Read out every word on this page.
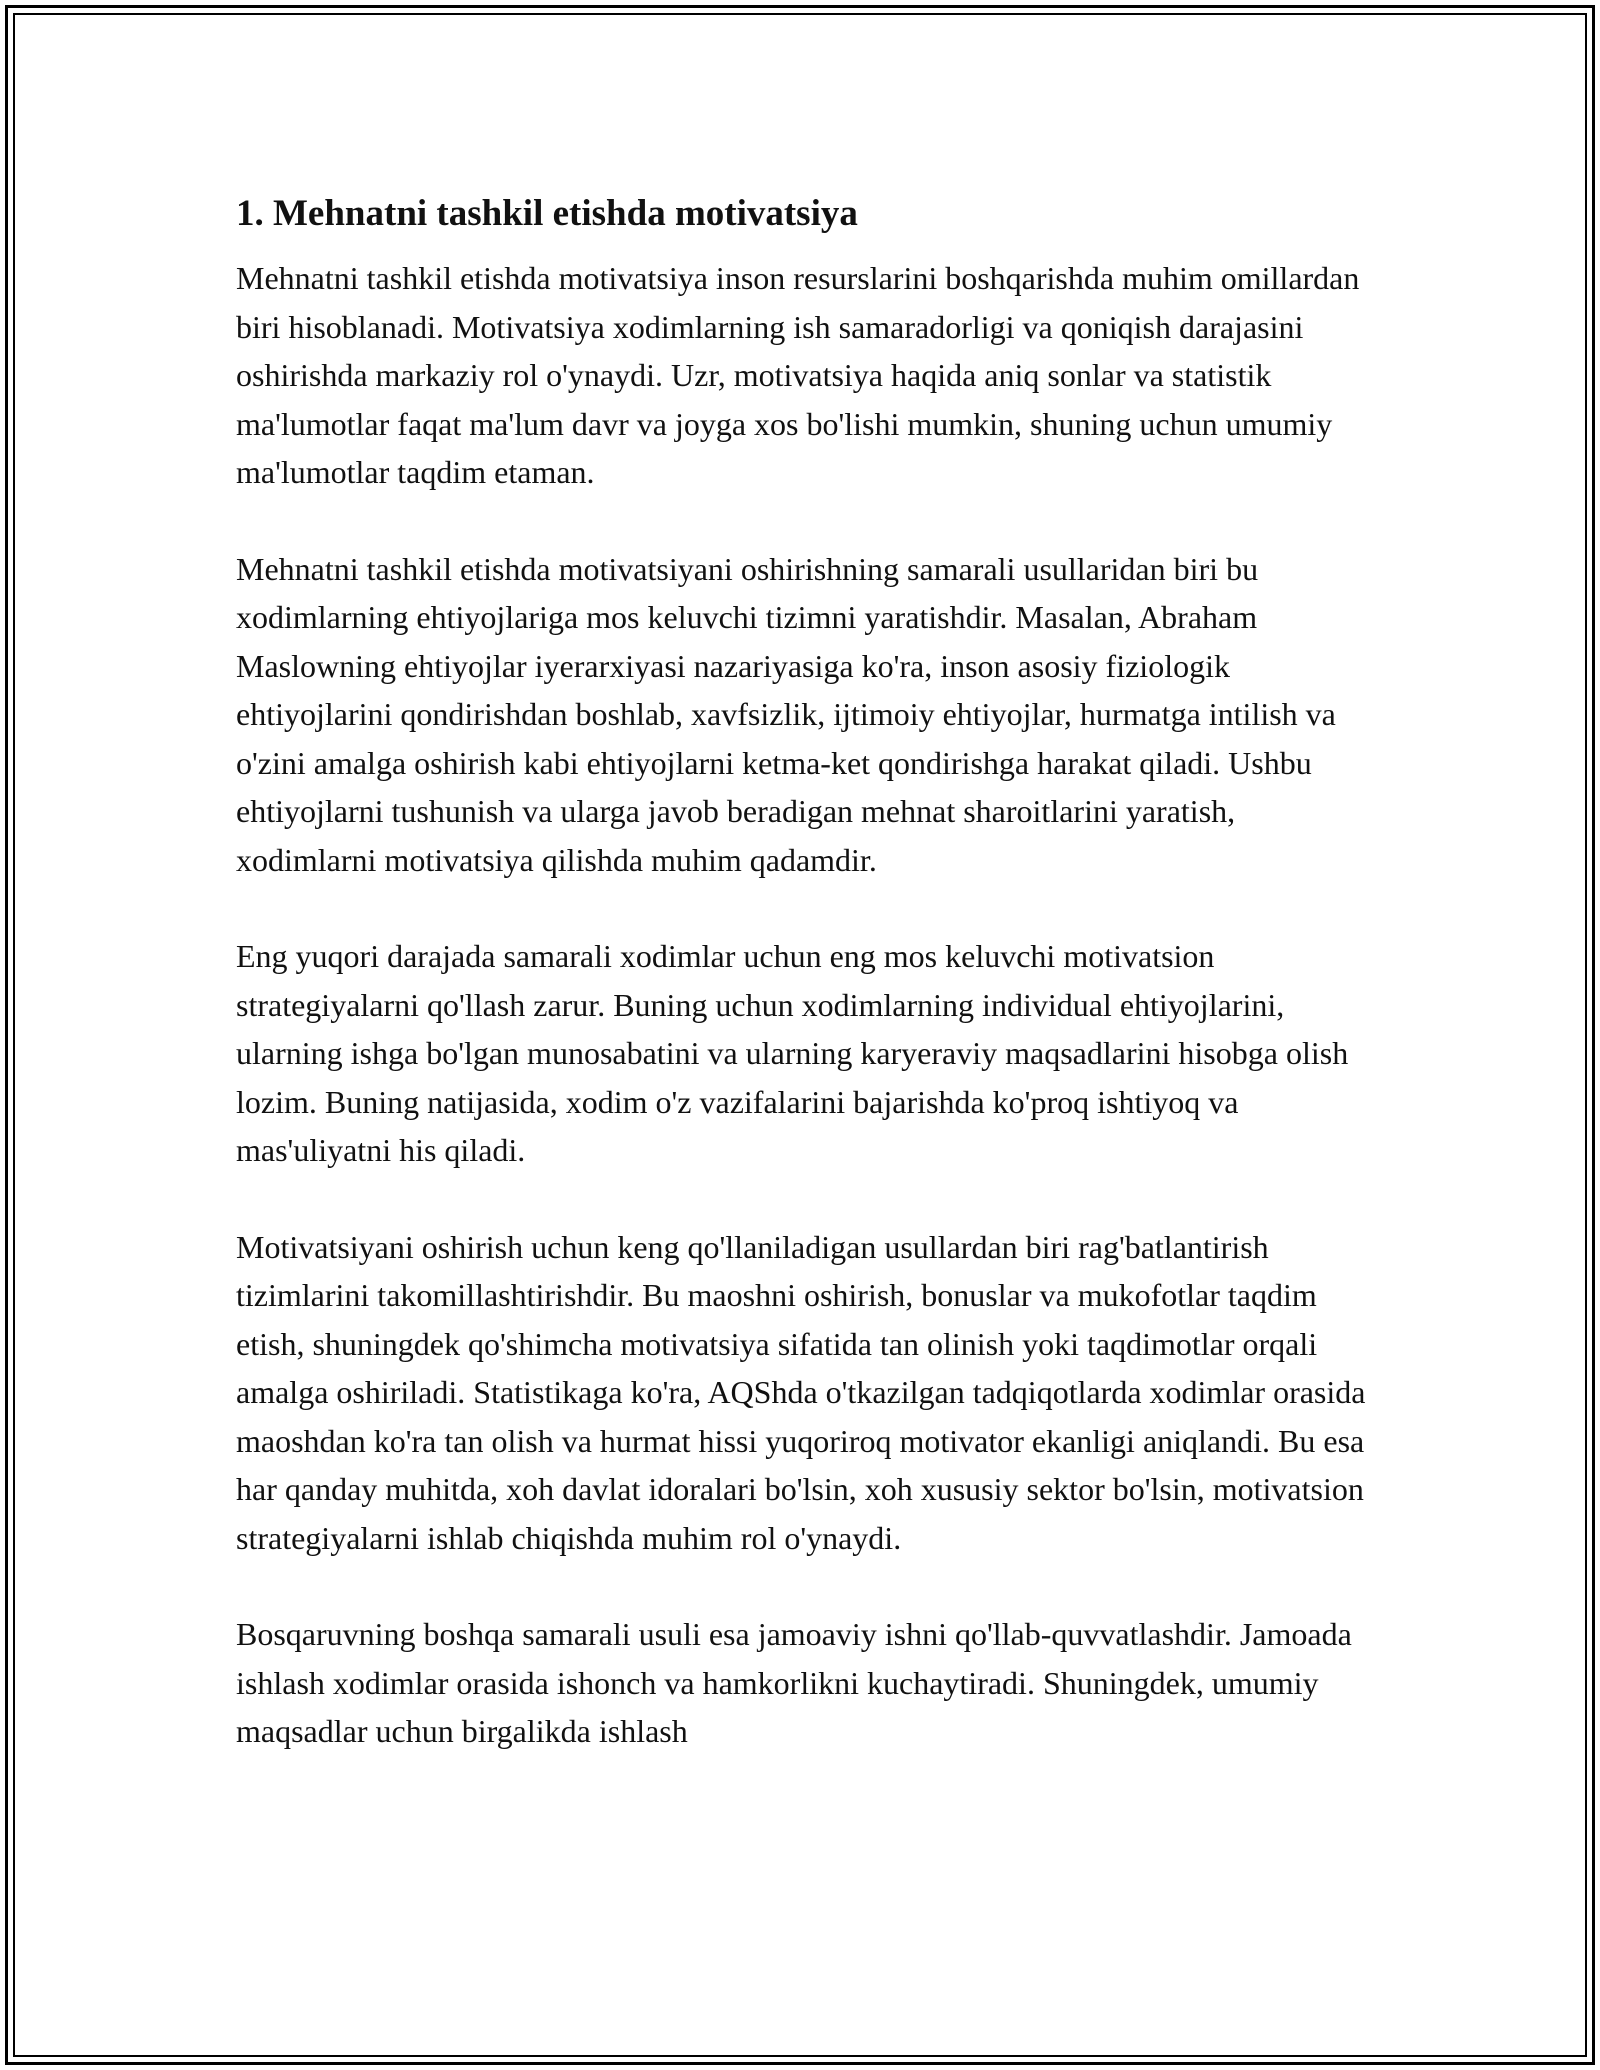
1. Mehnatni tashkil etishda motivatsiya

Mehnatni tashkil etishda motivatsiya inson resurslarini boshqarishda muhim omillardan biri hisoblanadi. Motivatsiya xodimlarning ish samaradorligi va qoniqish darajasini oshirishda markaziy rol o'ynaydi. Uzr, motivatsiya haqida aniq sonlar va statistik ma'lumotlar faqat ma'lum davr va joyga xos bo'lishi mumkin, shuning uchun umumiy ma'lumotlar taqdim etaman.

Mehnatni tashkil etishda motivatsiyani oshirishning samarali usullaridan biri bu xodimlarning ehtiyojlariga mos keluvchi tizimni yaratishdir. Masalan, Abraham Maslowning ehtiyojlar iyerarxiyasi nazariyasiga ko'ra, inson asosiy fiziologik ehtiyojlarini qondirishdan boshlab, xavfsizlik, ijtimoiy ehtiyojlar, hurmatga intilish va o'zini amalga oshirish kabi ehtiyojlarni ketma-ket qondirishga harakat qiladi. Ushbu ehtiyojlarni tushunish va ularga javob beradigan mehnat sharoitlarini yaratish, xodimlarni motivatsiya qilishda muhim qadamdir.

Eng yuqori darajada samarali xodimlar uchun eng mos keluvchi motivatsion strategiyalarni qo'llash zarur. Buning uchun xodimlarning individual ehtiyojlarini, ularning ishga bo'lgan munosabatini va ularning karyeraviy maqsadlarini hisobga olish lozim. Buning natijasida, xodim o'z vazifalarini bajarishda ko'proq ishtiyoq va mas'uliyatni his qiladi.

Motivatsiyani oshirish uchun keng qo'llaniladigan usullardan biri rag'batlantirish tizimlarini takomillashtirishdir. Bu maoshni oshirish, bonuslar va mukofotlar taqdim etish, shuningdek qo'shimcha motivatsiya sifatida tan olinish yoki taqdimotlar orqali amalga oshiriladi. Statistikaga ko'ra, AQShda o'tkazilgan tadqiqotlarda xodimlar orasida maoshdan ko'ra tan olish va hurmat hissi yuqoriroq motivator ekanligi aniqlandi. Bu esa har qanday muhitda, xoh davlat idoralari bo'lsin, xoh xususiy sektor bo'lsin, motivatsion strategiyalarni ishlab chiqishda muhim rol o'ynaydi.

Bosqaruvning boshqa samarali usuli esa jamoaviy ishni qo'llab-quvvatlashdir. Jamoada ishlash xodimlar orasida ishonch va hamkorlikni kuchaytiradi. Shuningdek, umumiy maqsadlar uchun birgalikda ishlash
